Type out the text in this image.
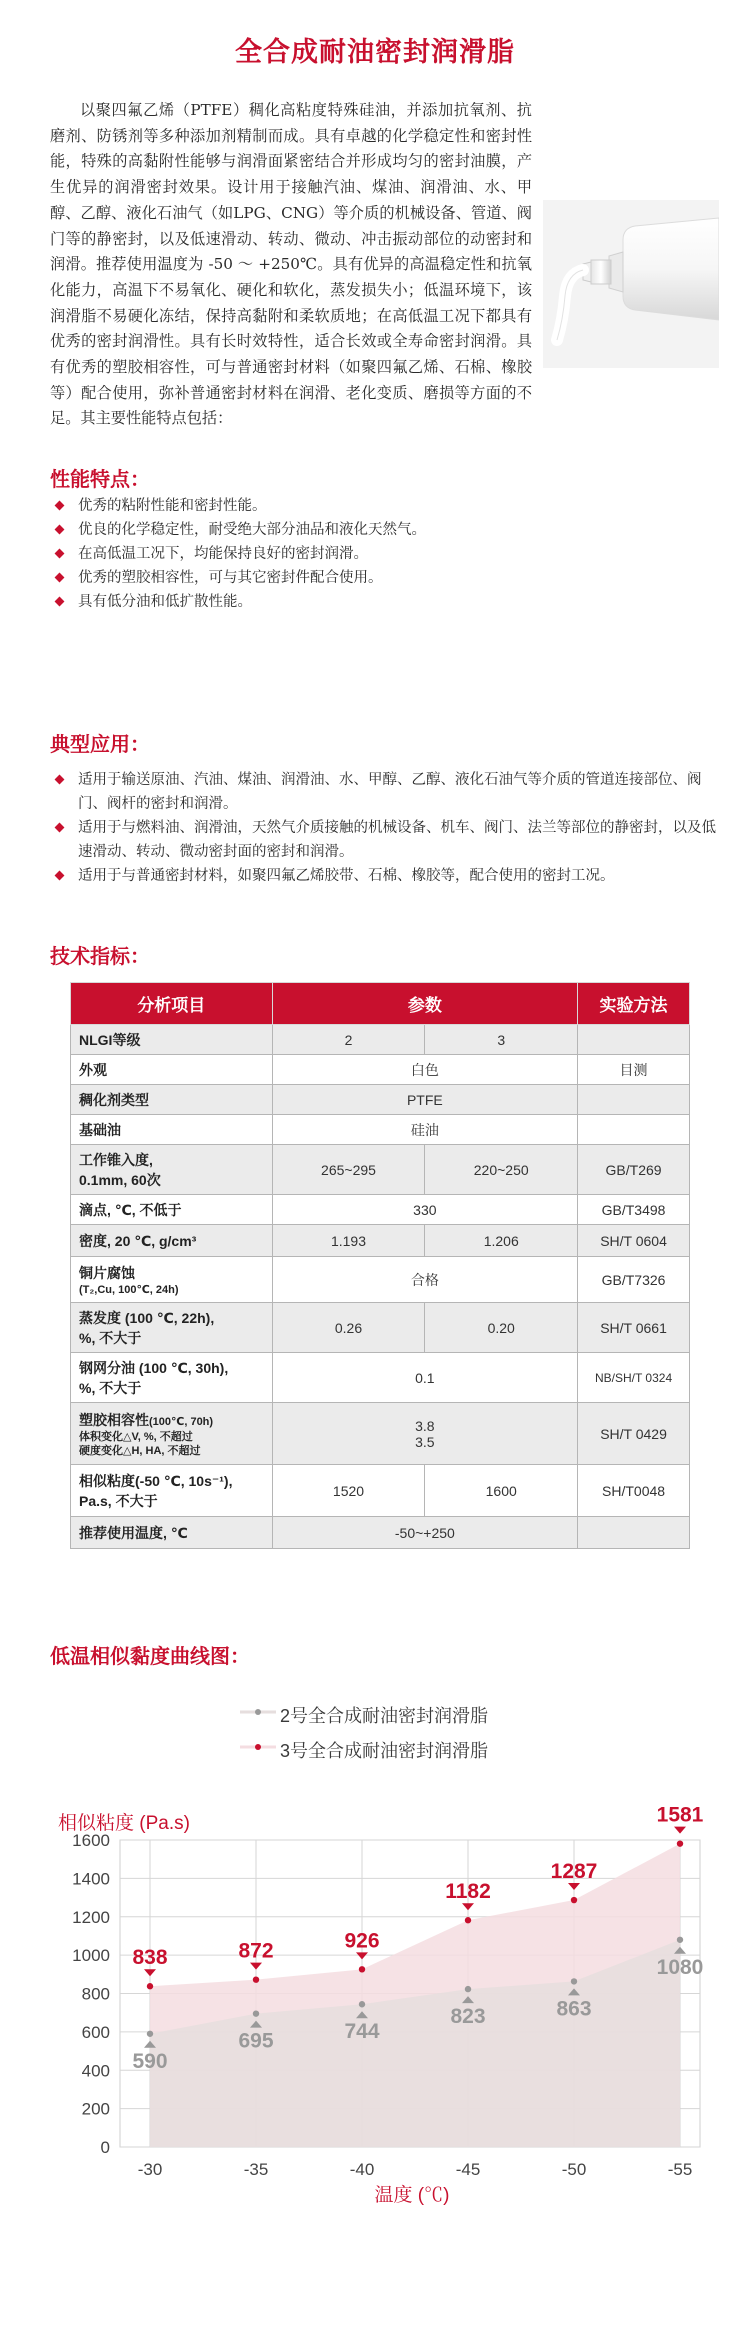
全合成耐油密封润滑脂
以聚四氟乙烯（PTFE）稠化高粘度特殊硅油，并添加抗氧剂、抗磨剂、防锈剂等多种添加剂精制而成。具有卓越的化学稳定性和密封性能，特殊的高黏附性能够与润滑面紧密结合并形成均匀的密封油膜，产生优异的润滑密封效果。设计用于接触汽油、煤油、润滑油、水、甲醇、乙醇、液化石油气（如LPG、CNG）等介质的机械设备、管道、阀门等的静密封，以及低速滑动、转动、微动、冲击振动部位的动密封和润滑。推荐使用温度为 -50 ～ +250℃。具有优异的高温稳定性和抗氧化能力，高温下不易氧化、硬化和软化，蒸发损失小；低温环境下，该润滑脂不易硬化冻结，保持高黏附和柔软质地；在高低温工况下都具有优秀的密封润滑性。具有长时效特性，适合长效或全寿命密封润滑。具有优秀的塑胶相容性，可与普通密封材料（如聚四氟乙烯、石棉、橡胶等）配合使用，弥补普通密封材料在润滑、老化变质、磨损等方面的不足。其主要性能特点包括：
性能特点：
优秀的粘附性能和密封性能。
优良的化学稳定性，耐受绝大部分油品和液化天然气。
在高低温工况下，均能保持良好的密封润滑。
优秀的塑胶相容性，可与其它密封件配合使用。
具有低分油和低扩散性能。
典型应用：
适用于输送原油、汽油、煤油、润滑油、水、甲醇、乙醇、液化石油气等介质的管道连接部位、阀门、阀杆的密封和润滑。
适用于与燃料油、润滑油，天然气介质接触的机械设备、机车、阀门、法兰等部位的静密封，以及低速滑动、转动、微动密封面的密封和润滑。
适用于与普通密封材料，如聚四氟乙烯胶带、石棉、橡胶等，配合使用的密封工况。
技术指标：
分析项目	参数		实验方法
NLGI等级	2	3	
外观	白色		目测
稠化剂类型	PTFE		
基础油	硅油		
工作锥入度,
0.1mm, 60次	265~295	220~250	GB/T269
滴点, ℃, 不低于	330		GB/T3498
密度, 20 ℃, g/cm³	1.193	1.206	SH/T 0604
铜片腐蚀
(T₂,Cu, 100℃, 24h)	合格		GB/T7326
蒸发度 (100 ℃, 22h),
%, 不大于	0.26	0.20	SH/T 0661
钢网分油 (100 ℃, 30h),
%, 不大于	0.1		NB/SH/T 0324
塑胶相容性(100℃, 70h)
体积变化△V, %, 不超过
硬度变化△H, HA, 不超过	3.8
3.5		SH/T 0429
相似粘度(-50 ℃, 10s⁻¹),
Pa.s, 不大于	1520	1600	SH/T0048
推荐使用温度, ℃	-50~+250		
低温相似黏度曲线图：
2号全合成耐油密封润滑脂
3号全合成耐油密封润滑脂
0
200
400
600
800
1000
1200
1400
1600
-30	-35	-40	-45	-50	-55
590
695	744
823	863
1080
838	872	926
1182
1287
1581
相似粘度 (Pa.s)
温度 (℃)
